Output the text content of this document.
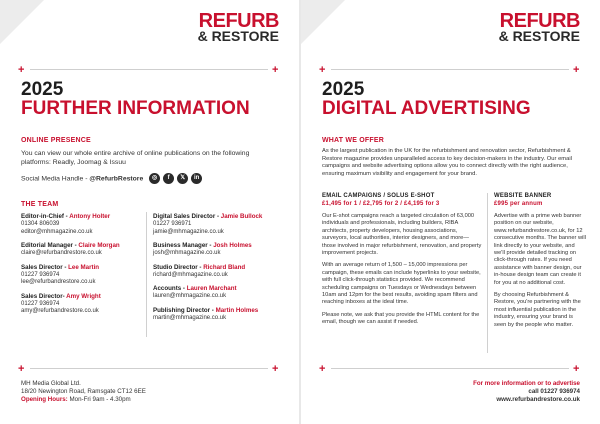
REFURB
& RESTORE
+	+
2025
FURTHER INFORMATION
ONLINE PRESENCE
You can view our whole entire archive of online publications on the following platforms: Readly, Joomag & Issuu
Social Media Handle - @RefurbRestore	◎	f	𝕏	in
THE TEAM
Editor-in-Chief - Antony Holter
01304 806039
editor@mhmagazine.co.uk
Editorial Manager - Claire Morgan
claire@refurbandrestore.co.uk
Sales Director - Lee Martin
01227 936974
lee@refurbandrestore.co.uk
Sales Director- Amy Wright
01227 936974
amy@refurbandrestore.co.uk
Digital Sales Director - Jamie Bullock
01227 936971
jamie@mhmagazine.co.uk
Business Manager - Josh Holmes
josh@mhmagazine.co.uk
Studio Director - Richard Bland
richard@mhmagazine.co.uk
Accounts - Lauren Marchant
lauren@mhmagazine.co.uk
Publishing Director - Martin Holmes
martin@mhmagazine.co.uk
+	+
MH Media Global Ltd.
18/20 Newington Road, Ramsgate CT12 6EE
Opening Hours: Mon-Fri 9am - 4.30pm
REFURB
& RESTORE
+	+
2025
DIGITAL ADVERTISING
WHAT WE OFFER
As the largest publication in the UK for the refurbishment and renovation sector, Refurbishment & Restore magazine provides unparalleled access to key decision-makers in the industry. Our email campaigns and website advertising options allow you to connect directly with the right audience, ensuring maximum visibility and engagement for your brand.
EMAIL CAMPAIGNS / SOLUS E-SHOT
£1,495 for 1 / £2,795 for 2 / £4,195 for 3

Our E-shot campaigns reach a targeted circulation of 63,000 individuals and professionals, including builders, RIBA architects, property developers, housing associations, surveyors, local authorities, interior designers, and more—those involved in major refurbishment, renovation, and property improvement projects.

With an average return of 1,500 – 15,000 impressions per campaign, these emails can include hyperlinks to your website, with full click-through statistics provided. We recommend scheduling campaigns on Tuesdays or Wednesdays between 10am and 12pm for the best results, avoiding spam filters and reaching inboxes at the ideal time.

Please note, we ask that you provide the HTML content for the email, though we can assist if needed.

WEBSITE BANNER
£995 per annum

Advertise with a prime web banner position on our website, www.refurbandrestore.co.uk, for 12 consecutive months. The banner will link directly to your website, and we'll provide detailed tracking on click-through rates. If you need assistance with banner design, our in-house design team can create it for you at no additional cost.

By choosing Refurbishment & Restore, you're partnering with the most influential publication in the industry, ensuring your brand is seen by the people who matter.

+	+
For more information or to advertise
call 01227 936974
www.refurbandrestore.co.uk
